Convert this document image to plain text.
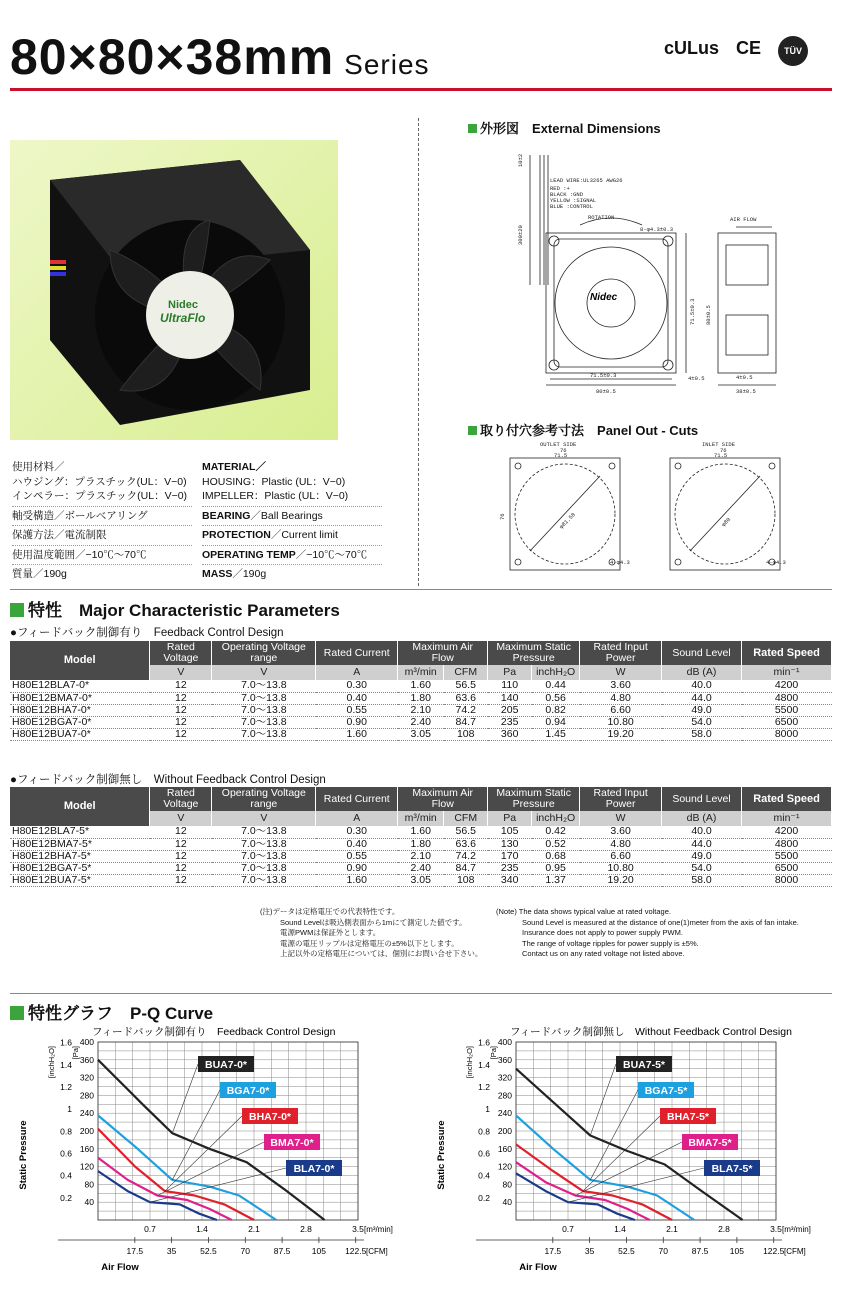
80×80×38mm Series
cULus CE	TÜV
Nidec
UltraFlo
使用材料／
ハウジング：プラスチック(UL：V−0)
インペラー：プラスチック(UL：V−0)
軸受構造／ボールベアリング
保護方法／電流制限
使用温度範囲／−10℃〜70℃
質量／190g
MATERIAL／
HOUSING：Plastic (UL：V−0)
IMPELLER：Plastic (UL：V−0)
BEARING／Ball Bearings
PROTECTION／Current limit
OPERATING TEMP／−10℃〜70℃
MASS／190g
外形図　 External Dimensions
LEAD WIRE:UL3265 AWG26
RED :+
BLACK :GND
YELLOW :SIGNAL
BLUE :CONTROL
ROTATION	AIR FLOW
8-φ4.3±0.3
71.5±0.3
80±0.5	38±0.5
4±0.5	4±0.5
300±20
10±2
71.5±0.3 80±0.5
Nidec
取り付穴参考寸法　 Panel Out - Cuts
OUTLET SIDE	INLET SIDE
76
71.5
76
71.5
φ81.58	φ80
4-φ4.3	4-φ4.3
76
特性　 Major Characteristic Parameters
●フィードバック制御有り　Feedback Control Design
Model	Rated Voltage	Operating Voltage range	Rated Current	Maximum Air Flow		Maximum Static Pressure		Rated Input Power	Sound Level	Rated Speed
	V	V	A	m³/min	CFM	Pa	inchH₂O	W	dB (A)	min⁻¹
H80E12BLA7-0*	12	7.0～13.8	0.30	1.60	56.5	110	0.44	3.60	40.0	4200
H80E12BMA7-0*	12	7.0～13.8	0.40	1.80	63.6	140	0.56	4.80	44.0	4800
H80E12BHA7-0*	12	7.0～13.8	0.55	2.10	74.2	205	0.82	6.60	49.0	5500
H80E12BGA7-0*	12	7.0～13.8	0.90	2.40	84.7	235	0.94	10.80	54.0	6500
H80E12BUA7-0*	12	7.0～13.8	1.60	3.05	108	360	1.45	19.20	58.0	8000
●フィードバック制御無し　Without Feedback Control Design
Model	Rated Voltage	Operating Voltage range	Rated Current	Maximum Air Flow		Maximum Static Pressure		Rated Input Power	Sound Level	Rated Speed
	V	V	A	m³/min	CFM	Pa	inchH₂O	W	dB (A)	min⁻¹
H80E12BLA7-5*	12	7.0～13.8	0.30	1.60	56.5	105	0.42	3.60	40.0	4200
H80E12BMA7-5*	12	7.0～13.8	0.40	1.80	63.6	130	0.52	4.80	44.0	4800
H80E12BHA7-5*	12	7.0～13.8	0.55	2.10	74.2	170	0.68	6.60	49.0	5500
H80E12BGA7-5*	12	7.0～13.8	0.90	2.40	84.7	235	0.95	10.80	54.0	6500
H80E12BUA7-5*	12	7.0～13.8	1.60	3.05	108	340	1.37	19.20	58.0	8000
(注)データは定格電圧での代表特性です。
Sound Levelは吸込側表面から1mにて測定した値です。
電源PWMは保証外とします。
電源の電圧リップルは定格電圧の±5%以下とします。
上記以外の定格電圧については、個別にお問い合せ下さい。
(Note) The data shows typical value at rated voltage.
Sound Level is measured at the distance of one(1)meter from the axis of fan intake.
Insurance does not apply to power supply PWM.
The range of voltage ripples for power supply is ±5%.
Contact us on any rated voltage not listed above.
特性グラフ　 P-Q Curve
フィードバック制御有り　Feedback Control Design
40
80
120
160
200
240
280
320
360
400
0.2
0.4
0.6
0.8
1
1.2
1.4
1.6
[Pa]
[inchH₂O]
Static Pressure
0.7	1.4	2.1	2.8	3.5 [m³/min]
17.5	35	52.5	70	87.5	105 122.5 [CFM]
Air Flow
BUA7-0*
BGA7-0*
BHA7-0*
BMA7-0*
BLA7-0*
フィードバック制御無し　Without Feedback Control Design
40
80
120
160
200
240
280
320
360
400
0.2
0.4
0.6
0.8
1
1.2
1.4
1.6
[Pa]
[inchH₂O]
Static Pressure
0.7	1.4	2.1	2.8	3.5 [m³/min]
17.5	35	52.5	70	87.5	105 122.5 [CFM]
Air Flow
BUA7-5*
BGA7-5*
BHA7-5*
BMA7-5*
BLA7-5*
